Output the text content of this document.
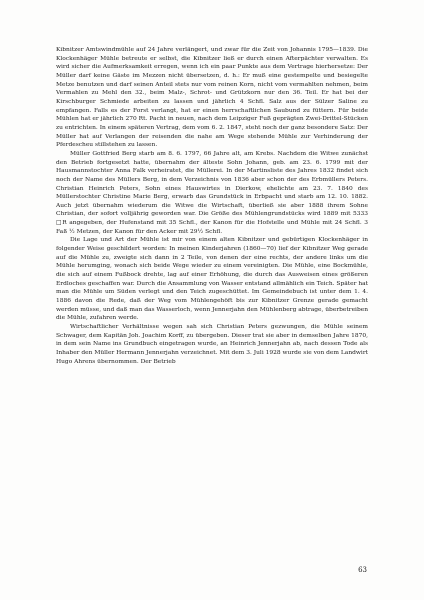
Kibnitzer Amtswindmühle auf 24 Jahre verlängert, und zwar für die Zeit von Johannis 1795—1839. Die Klockenhäger Mühle betreute er selbst, die Kibnitzer ließ er durch einen Afterpächter verwalten. Es wird sicher die Aufmerksamkeit erregen, wenn ich ein paar Punkte aus dem Vertrage hierhersetze: Der Müller darf keine Gäste im Mezzen nicht übersetzen, d. h.: Er muß eine gestempelte und besiegelte Metze benutzen und darf seinen Anteil stets nur vom reinen Korn, nicht vom vermahlten nehmen, beim Vermahlen zu Mehl den 32., beim Malz-, Schrot- und Grützkorn nur den 36. Teil. Er hat bei der Kirschburger Schmiede arbeiten zu lassen und jährlich 4 Schfl. Salz aus der Sülzer Saline zu empfangen. Falls es der Forst verlangt, hat er einen herrschaftlichen Saubund zu füttern. Für beide Mühlen hat er jährlich 270 Rt. Pacht in neuen, nach dem Leipziger Fuß geprägten Zwei-Drittel-Stücken zu entrichten. In einem späteren Vertrag, dem vom 6. 2. 1847, steht noch der ganz besondere Satz: Der Müller hat auf Verlangen der reisenden die nahe am Wege stehende Mühle zur Verhinderung der Pferdescheu stillstehen zu lassen.

Müller Gottfried Berg starb am 8. 6. 1797, 66 Jahre alt, am Krebs. Nachdem die Witwe zunächst den Betrieb fortgesetzt hatte, übernahm der älteste Sohn Johann, geb. am 23. 6. 1799 mit der Hausmannstochter Anna Falk verheiratet, die Müllerei. In der Martinsliste des Jahres 1832 findet sich noch der Name des Müllers Berg, in dem Verzeichnis von 1836 aber schon der des Erbmüllers Peters. Christian Heinrich Peters, Sohn eines Hauswirtes in Dierkow, ehelichte am 23. 7. 1840 des Müllerstochter Christine Marie Berg, erwarb das Grundstück in Erbpacht und starb am 12. 10. 1882. Auch jetzt übernahm wiederum die Witwe die Wirtschaft, überließ sie aber 1888 ihrem Sohne Christian, der sofort volljährig geworden war. Die Größe des Mühlengrundstücks wird 1889 mit 5333 □R angegeben, der Hufenstand mit 35 Schfl., der Kanon für die Hofstelle und Mühle mit 24 Schfl. 3 Faß ½ Metzen, der Kanon für den Acker mit 29½ Schfl.

Die Lage und Art der Mühle ist mir von einem alten Kibnitzer und gebürtigen Klockenhäger in folgender Weise geschildert worden: In meinen Kinderjahren (1860—70) lief der Kibnitzer Weg gerade auf die Mühle zu, zweigte sich dann in 2 Teile, von denen der eine rechts, der andere links um die Mühle herumging, wonach sich beide Wege wieder zu einem vereinigten. Die Mühle, eine Bockmühle, die sich auf einem Fußbock drehte, lag auf einer Erhöhung, die durch das Ausweisen eines größeren Erdloches geschaffen war. Durch die Ansammlung von Wasser entstand allmählich ein Teich. Später hat man die Mühle um Süden verlegt und den Teich zugeschüttet. Im Gemeindebuch ist unter dem 1. 4. 1886 davon die Rede, daß der Weg vom Mühlengehöft bis zur Kibnitzer Grenze gerade gemacht werden müsse, und daß man das Wasserloch, wenn Jennerjahn den Mühlenberg abtrage, überbetreiben die Mühle, zufahren werde.

Wirtschaftlicher Verhältnisse wegen sah sich Christian Peters gezwungen, die Mühle seinem Schwager, dem Kapitän Joh. Joachim Korff, zu übergeben. Dieser trat sie aber in demselben Jahre 1870, in dem sein Name ins Grundbuch eingetragen wurde, an Heinrich Jennerjahn ab, nach dessen Tode als Inhaber den Müller Hermann Jennerjahn verzeichnet. Mit dem 3. Juli 1928 wurde sie von dem Landwirt Hugo Ahrens übernommen. Der Betrieb

63
